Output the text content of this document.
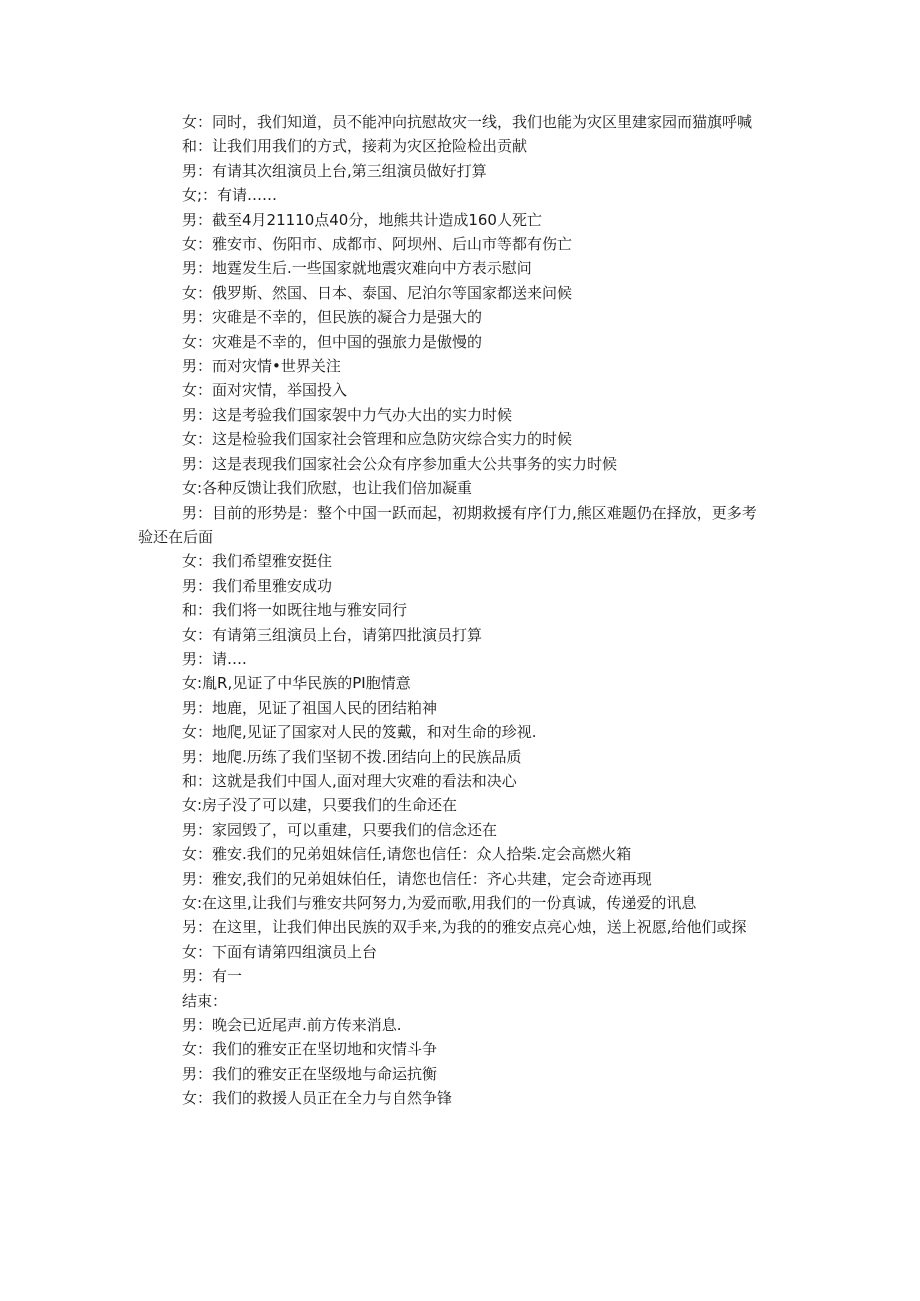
女：同时，我们知道，员不能冲向抗慰故灾一线，我们也能为灾区里建家园而猫旗呼喊

和：让我们用我们的方式，接莉为灾区抢险检出贡献

男：有请其次组演员上台,第三组演员做好打算

女;：有请……

男：截至4月21110点40分，地熊共计造成160人死亡

女：雅安市、伤阳市、成都市、阿坝州、后山市等都有伤亡

男：地霆发生后.一些国家就地震灾难向中方表示慰问

女：俄罗斯、然国、日本、泰国、尼泊尔等国家都送来问候

男：灾碓是不幸的，但民族的凝合力是强大的

女：灾难是不幸的，但中国的强旅力是傲慢的

男：而对灾情•世界关注

女：面对灾情，举国投入

男：这是考验我们国家袈中力气办大出的实力时候

女：这是检验我们国家社会管理和应急防灾综合实力的时候

男：这是表现我们国家社会公众有序参加重大公共事务的实力时候

女:各种反馈让我们欣慰，也让我们倍加凝重

男：目前的形势是：整个中国一跃而起，初期救援有序仃力,熊区难题仍在择放，更多考

验还在后面

女：我们希望雅安挺住

男：我们希里雅安成功

和：我们将一如既往地与雅安同行

女：有请第三组演员上台，请第四批演员打算

男：请….

女:胤R,见证了中华民族的PI胞情意

男：地鹿，见证了祖国人民的团结粕神

女：地爬,见证了国家对人民的笈戴，和对生命的珍视.

男：地爬.历练了我们坚韧不拨.团结向上的民族品质

和：这就是我们中国人,面对理大灾难的看法和决心

女:房子没了可以建，只要我们的生命还在

男：家园毁了，可以重建，只要我们的信念还在

女：雅安.我们的兄弟姐妹信任,请您也信任：众人拾柴.定会高燃火箱

男：雅安,我们的兄弟姐妹伯任，请您也信任：齐心共建，定会奇迹再现

女:在这里,让我们与雅安共阿努力,为爱而歌,用我们的一份真诚，传递爱的讯息

另：在这里，让我们伸出民族的双手来,为我的的雅安点亮心烛，送上祝愿,给他们或探

女：下面有请第四组演员上台

男：有一

结束：

男：晚会已近尾声.前方传来消息.

女：我们的雅安正在坚切地和灾情斗争

男：我们的雅安正在坚级地与命运抗衡

女：我们的救援人员正在全力与自然争锋
